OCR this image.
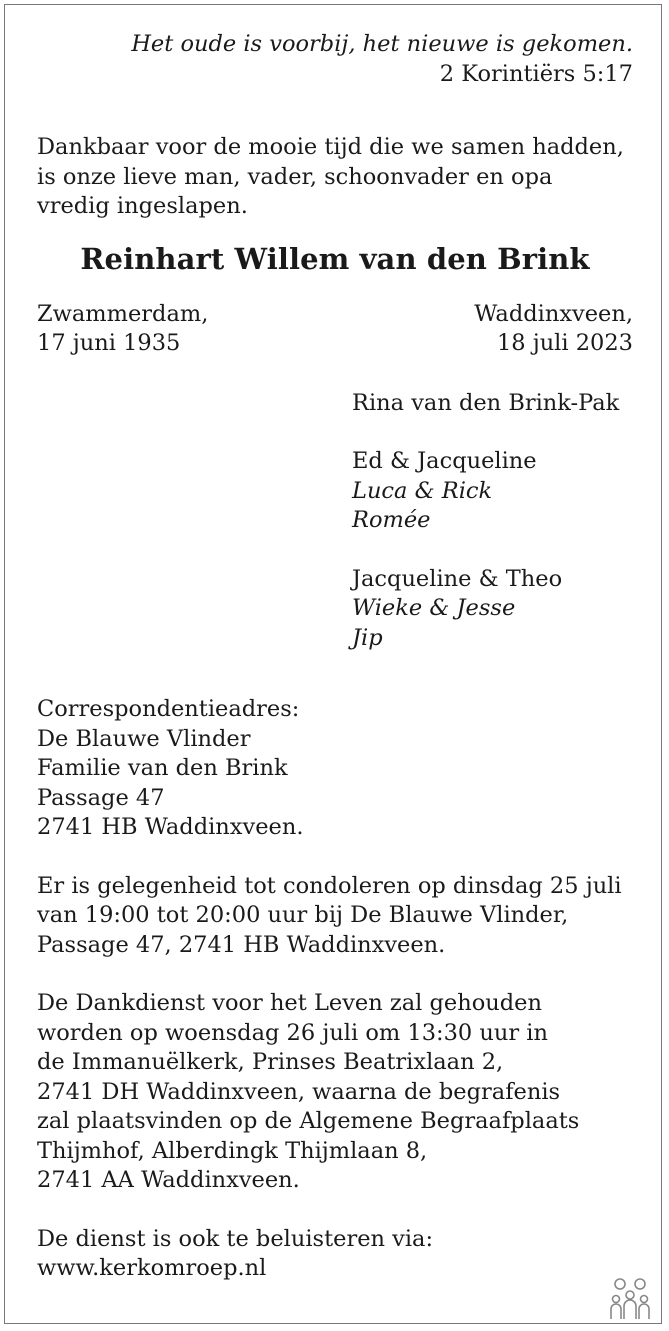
Het oude is voorbij, het nieuwe is gekomen.
2 Korintiërs 5:17
Dankbaar voor de mooie tijd die we samen hadden,
is onze lieve man, vader, schoonvader en opa
vredig ingeslapen.
Reinhart Willem van den Brink
Zwammerdam,
17 juni 1935
Waddinxveen,
18 juli 2023
Rina van den Brink-Pak
Ed & Jacqueline
Luca & Rick
Romée
Jacqueline & Theo
Wieke & Jesse
Jip
Correspondentieadres:
De Blauwe Vlinder
Familie van den Brink
Passage 47
2741 HB Waddinxveen.
Er is gelegenheid tot condoleren op dinsdag 25 juli
van 19:00 tot 20:00 uur bij De Blauwe Vlinder,
Passage 47, 2741 HB Waddinxveen.
De Dankdienst voor het Leven zal gehouden
worden op woensdag 26 juli om 13:30 uur in
de Immanuëlkerk, Prinses Beatrixlaan 2,
2741 DH Waddinxveen, waarna de begrafenis
zal plaatsvinden op de Algemene Begraafplaats
Thijmhof, Alberdingk Thijmlaan 8,
2741 AA Waddinxveen.
De dienst is ook te beluisteren via:
www.kerkomroep.nl
